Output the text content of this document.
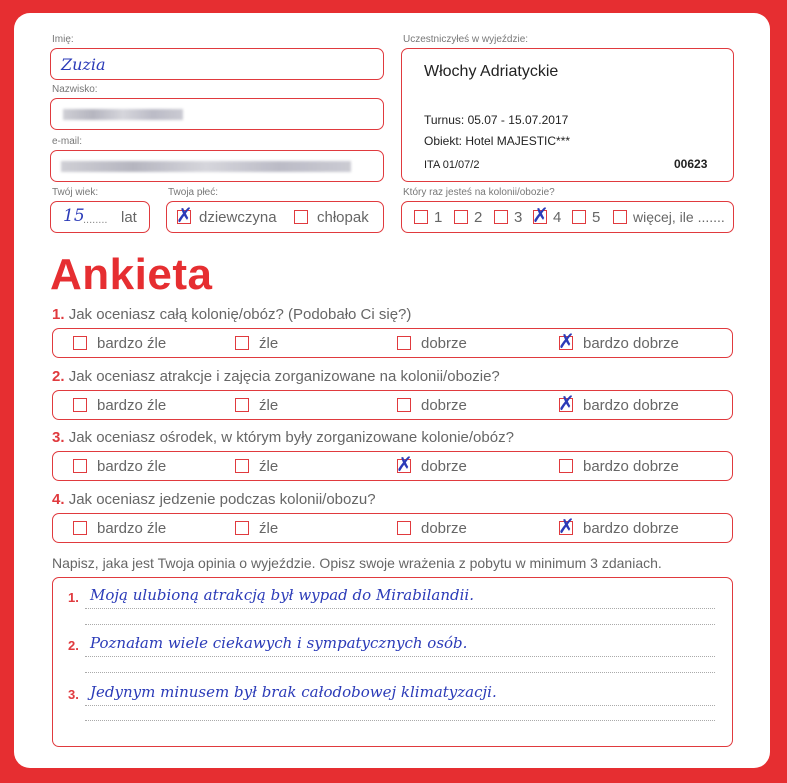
Imię:
Zuzia
Nazwisko:
e-mail:
Twój wiek:
15
........ lat
Twoja płeć:
✗ dziewczyna	chłopak
Uczestniczyłeś w wyjeździe:
Włochy Adriatyckie
Turnus: 05.07 - 15.07.2017
Obiekt: Hotel MAJESTIC***
ITA 01/07/2	00623
Który raz jesteś na kolonii/obozie?
1 2 3 ✗ 4 5 więcej, ile .......
Ankieta
1. Jak oceniasz całą kolonię/obóz? (Podobało Ci się?)
bardzo źle	źle	dobrze	✗ bardzo dobrze
2. Jak oceniasz atrakcje i zajęcia zorganizowane na kolonii/obozie?
bardzo źle	źle	dobrze	✗ bardzo dobrze
3. Jak oceniasz ośrodek, w którym były zorganizowane kolonie/obóz?
bardzo źle	źle	✗ dobrze	bardzo dobrze
4. Jak oceniasz jedzenie podczas kolonii/obozu?
bardzo źle	źle	dobrze	✗ bardzo dobrze
Napisz, jaka jest Twoja opinia o wyjeździe. Opisz swoje wrażenia z pobytu w minimum 3 zdaniach.
1. Moją ulubioną atrakcją był wypad do Mirabilandii.
2. Poznałam wiele ciekawych i sympatycznych osób.
3. Jedynym minusem był brak całodobowej klimatyzacji.
